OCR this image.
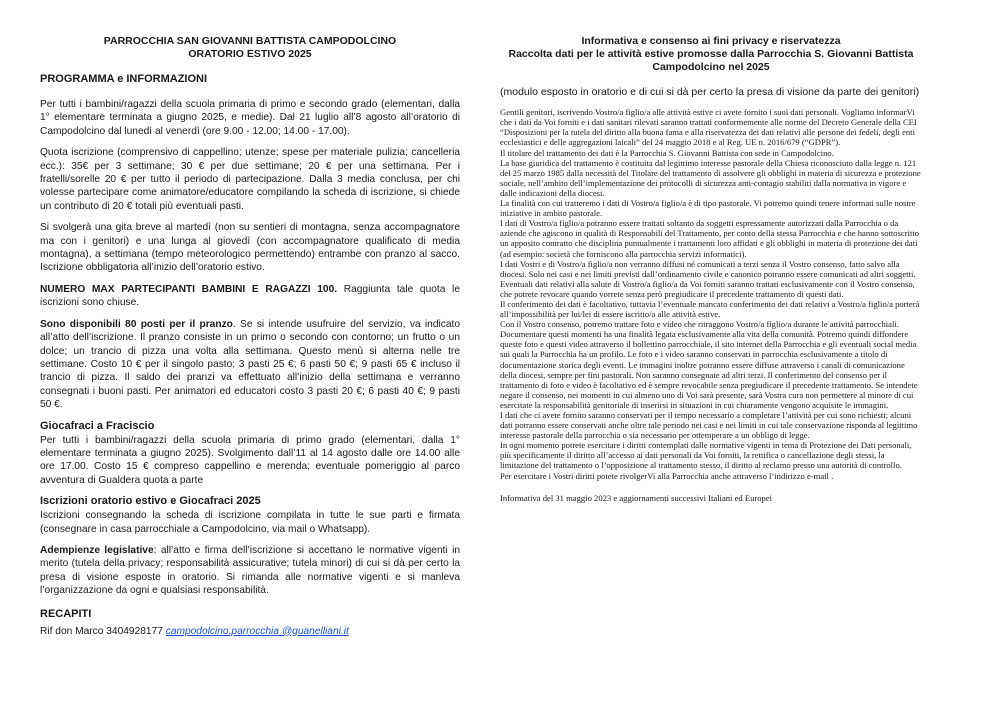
PARROCCHIA SAN GIOVANNI BATTISTA CAMPODOLCINO
ORATORIO ESTIVO 2025

PROGRAMMA e INFORMAZIONI

Per tutti i bambini/ragazzi della scuola primaria di primo e secondo grado (elementari, dalla 1° elementare terminata a giugno 2025, e medie). Dal 21 luglio all’8 agosto all’oratorio di Campodolcino dal lunedì al venerdì (ore 9.00 - 12.00; 14.00 - 17.00).

Quota iscrizione (comprensivo di cappellino; utenze; spese per materiale pulizia; cancelleria ecc.): 35€ per 3 settimane; 30 € per due settimane; 20 € per una settimana. Per i fratelli/sorelle 20 € per tutto il periodo di partecipazione. Dalla 3 media conclusa, per chi volesse partecipare come animatore/educatore compilando la scheda di iscrizione, si chiede un contributo di 20 € totali più eventuali pasti.

Si svolgerà una gita breve al martedì (non su sentieri di montagna, senza accompagnatore ma con i genitori) e una lunga al giovedì (con accompagnatore qualificato di media montagna), a settimana (tempo meteorologico permettendo) entrambe con pranzo al sacco. Iscrizione obbligatoria all’inizio dell’oratorio estivo.

NUMERO MAX PARTECIPANTI BAMBINI E RAGAZZI 100. Raggiunta tale quota le iscrizioni sono chiuse.

Sono disponibili 80 posti per il pranzo. Se si intende usufruire del servizio, va indicato all’atto dell’iscrizione. Il pranzo consiste in un primo o secondo con contorno; un frutto o un dolce; un trancio di pizza una volta alla settimana. Questo menù si alterna nelle tre settimane. Costo 10 € per il singolo pasto; 3 pasti 25 €; 6 pasti 50 €; 9 pasti 65 € incluso il trancio di pizza. Il saldo dei pranzi va effettuato all’inizio della settimana e verranno consegnati i buoni pasti. Per animatori ed educatori costo 3 pasti 20 €; 6 pasti 40 €; 9 pasti 50 €.

Giocafraci a Fraciscio

Per tutti i bambini/ragazzi della scuola primaria di primo grado (elementari, dalla 1° elementare terminata a giugno 2025). Svolgimento dall’11 al 14 agosto dalle ore 14.00 alle ore 17.00. Costo 15 € compreso cappellino e merenda; eventuale pomeriggio al parco avventura di Gualdera quota a parte

Iscrizioni oratorio estivo e Giocafraci 2025

Iscrizioni consegnando la scheda di iscrizione compilata in tutte le sue parti e firmata (consegnare in casa parrocchiale a Campodolcino, via mail o Whatsapp).

Adempienze legislative: all’atto e firma dell’iscrizione si accettano le normative vigenti in merito (tutela della privacy; responsabilità assicurative; tutela minori) di cui si dà per certo la presa di visione esposte in oratorio. Si rimanda alle normative vigenti e si manleva l’organizzazione da ogni e qualsiasi responsabilità.

RECAPITI

Rif don Marco 3404928177 campodolcino.parrocchia @guanelliani.it

Informativa e consenso ai fini privacy e riservatezza
Raccolta dati per le attività estive promosse dalla Parrocchia S. Giovanni Battista
Campodolcino nel 2025
(modulo esposto in oratorio e di cui si dà per certo la presa di visione da parte dei genitori)

Gentili genitori, iscrivendo Vostro/a figlio/a alle attività estive ci avete fornito i suoi dati personali. Vogliamo informarVi che i dati da Voi forniti e i dati sanitari rilevati saranno trattati conformemente alle norme del Decreto Generale della CEI “Disposizioni per la tutela del diritto alla buona fama e alla riservatezza dei dati relativi alle persone dei fedeli, degli enti ecclesiastici e delle aggregazioni laicali” del 24 maggio 2018 e al Reg. UE n. 2016/679 (“GDPR”).

Il titolare del trattamento dei dati è la Parrocchia S. Giovanni Battista con sede in Campodolcino.

La base giuridica del trattamento è costituita dal legittimo interesse pastorale della Chiesa riconosciuto dalla legge n. 121 del 25 marzo 1985 dalla necessità del Titolare del trattamento di assolvere gli obblighi in materia di sicurezza e protezione sociale, nell’ambito dell’implementazione dei protocolli di sicurezza anti-contagio stabiliti dalla normativa in vigore e dalle indicazioni della diocesi.

La finalità con cui tratteremo i dati di Vostro/a figlio/a è di tipo pastorale. Vi potremo quindi tenere informati sulle nostre iniziative in ambito pastorale.

I dati di Vostro/a figlio/a potranno essere trattati soltanto da soggetti espressamente autorizzati dalla Parrocchia o da aziende che agiscono in qualità di Responsabili del Trattamento, per conto della stessa Parrocchia e che hanno sottoscritto un apposito contratto che disciplina puntualmente i trattamenti loro affidati e gli obblighi in materia di protezione dei dati (ad esempio: società che forniscono alla parrocchia servizi informatici).

I dati Vostri e di Vostro/a figlio/a non verranno diffusi né comunicati a terzi senza il Vostro consenso, fatto salvo alla diocesi. Solo nei casi e nei limiti previsti dall’ordinamento civile e canonico potranno essere comunicati ad altri soggetti.

Eventuali dati relativi alla salute di Vostro/a figlio/a da Voi forniti saranno trattati esclusivamente con il Vostro consenso, che potrete revocare quando vorrete senza però pregiudicare il precedente trattamento di questi dati.

Il conferimento dei dati è facoltativo, tuttavia l’eventuale mancato conferimento dei dati relativi a Vostro/a figlio/a porterà all’impossibilità per lui/lei di essere iscritto/a alle attività estive.

Con il Vostro consenso, potremo trattare foto e video che ritraggono Vostro/a figlio/a durante le attività parrocchiali.

Documentare questi momenti ha una finalità legata esclusivamente alla vita della comunità. Potremo quindi diffondere queste foto e questi video attraverso il bollettino parrocchiale, il sito internet della Parrocchia e gli eventuali social media sui quali la Parrocchia ha un profilo. Le foto e i video saranno conservati in parrocchia esclusivamente a titolo di documentazione storica degli eventi. Le immagini inoltre potranno essere diffuse attraverso i canali di comunicazione della diocesi, sempre per fini pastorali. Non saranno consegnate ad altri terzi. Il conferimento del consenso per il trattamento di foto e video è facoltativo ed è sempre revocabile senza pregiudicare il precedente trattamento. Se intendete negare il consenso, nei momenti in cui almeno uno di Voi sarà presente, sarà Vostra cura non permettere al minore di cui esercitate la responsabilità genitoriale di inserirsi in situazioni in cui chiaramente vengono acquisite le immagini.

I dati che ci avete fornito saranno conservati per il tempo necessario a completare l’attività per cui sono richiesti; alcuni dati potranno essere conservati anche oltre tale periodo nei casi e nei limiti in cui tale conservazione risponda al legittimo interesse pastorale della parrocchia o sia necessario per ottemperare a un obbligo di legge.

In ogni momento potrete esercitare i diritti contemplati dalle normative vigenti in tema di Protezione dei Dati personali, più specificamente il diritto all’accesso ai dati personali da Voi forniti, la rettifica o cancellazione degli stessi, la limitazione del trattamento o l’opposizione al trattamento stesso, il diritto al reclamo presso una autorità di controllo.

Per esercitare i Vostri diritti potete rivolgerVi alla Parrocchia anche attraverso l’indirizzo e-mail .

Informativa del 31 maggio 2023 e aggiornamenti successivi Italiani ed Europei
